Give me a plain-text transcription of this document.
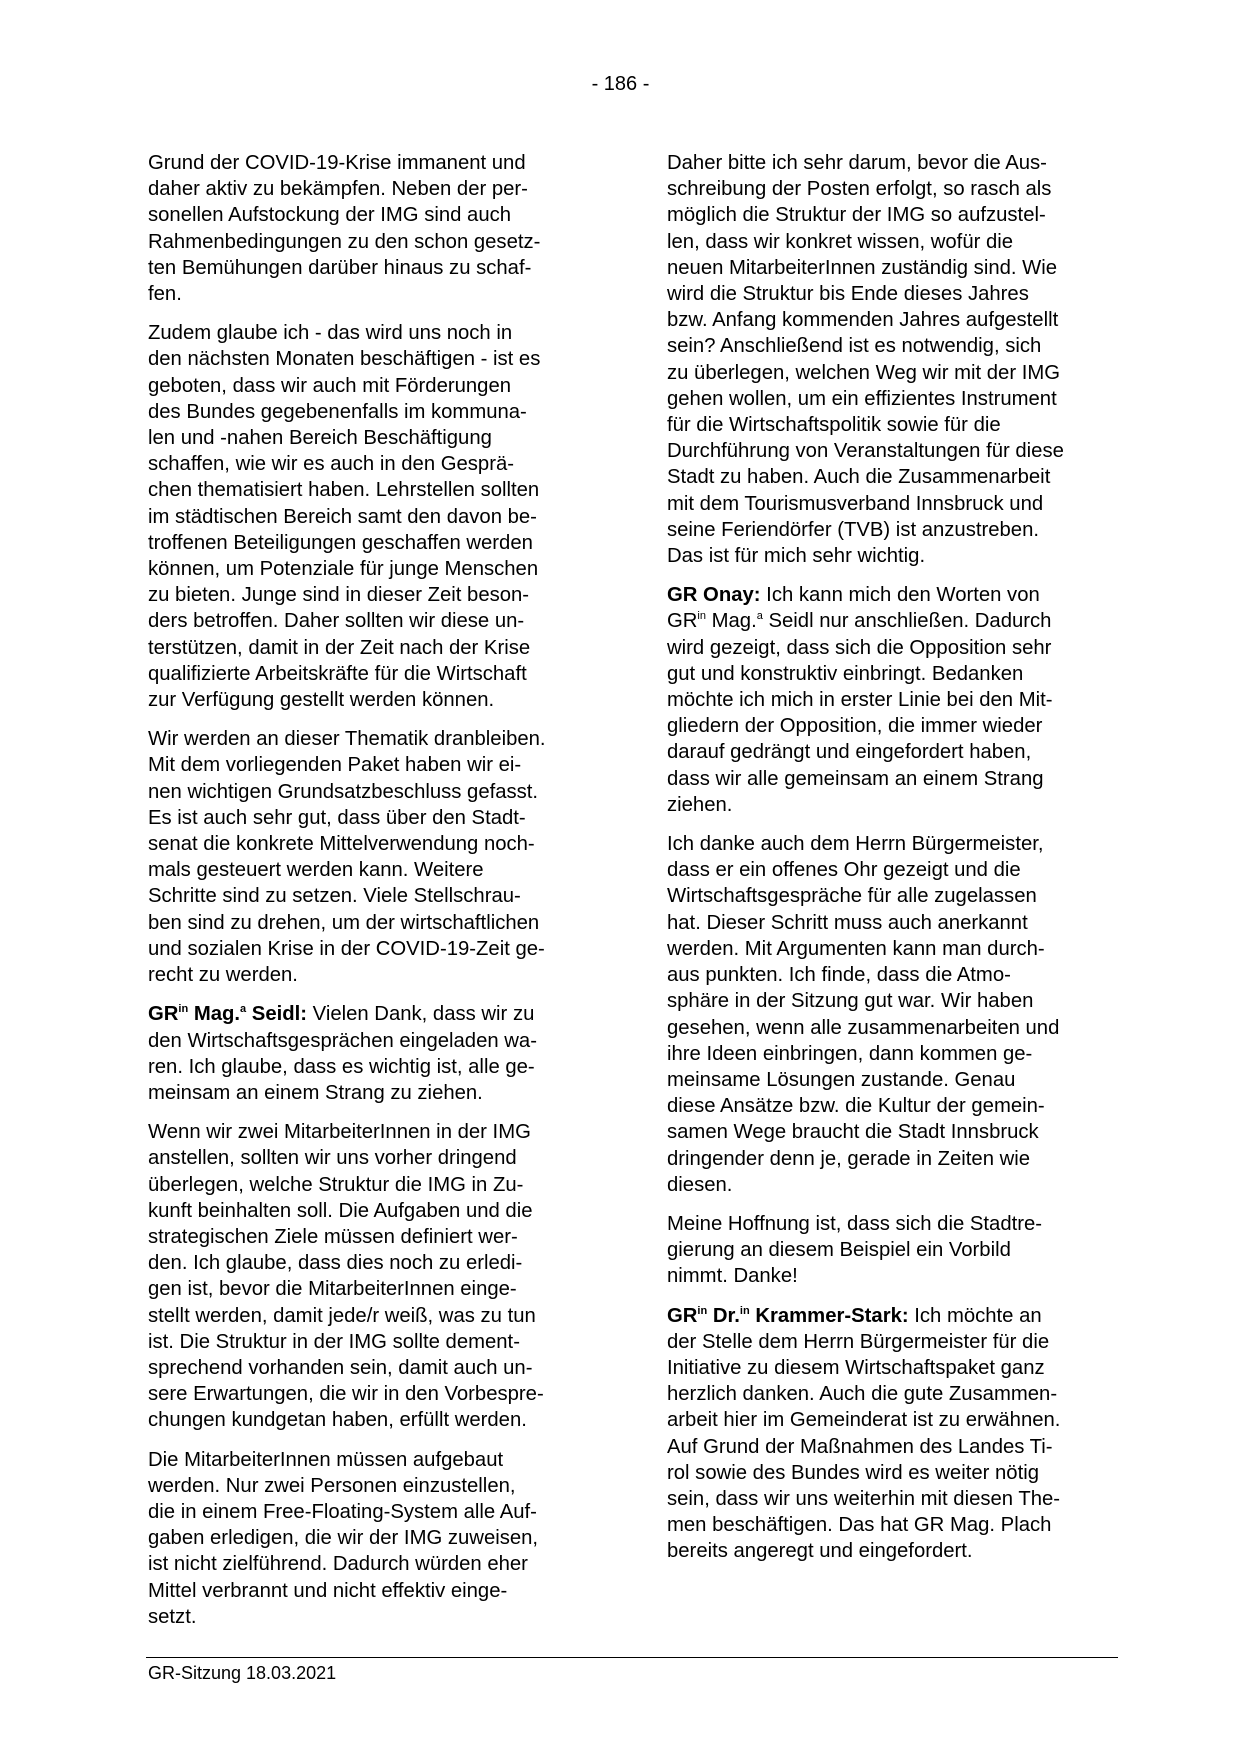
- 186 -
Grund der COVID-19-Krise immanent und
daher aktiv zu bekämpfen. Neben der per-
sonellen Aufstockung der IMG sind auch
Rahmenbedingungen zu den schon gesetz-
ten Bemühungen darüber hinaus zu schaf-
fen.
Zudem glaube ich - das wird uns noch in
den nächsten Monaten beschäftigen - ist es
geboten, dass wir auch mit Förderungen
des Bundes gegebenenfalls im kommuna-
len und -nahen Bereich Beschäftigung
schaffen, wie wir es auch in den Gesprä-
chen thematisiert haben. Lehrstellen sollten
im städtischen Bereich samt den davon be-
troffenen Beteiligungen geschaffen werden
können, um Potenziale für junge Menschen
zu bieten. Junge sind in dieser Zeit beson-
ders betroffen. Daher sollten wir diese un-
terstützen, damit in der Zeit nach der Krise
qualifizierte Arbeitskräfte für die Wirtschaft
zur Verfügung gestellt werden können.
Wir werden an dieser Thematik dranbleiben.
Mit dem vorliegenden Paket haben wir ei-
nen wichtigen Grundsatzbeschluss gefasst.
Es ist auch sehr gut, dass über den Stadt-
senat die konkrete Mittelverwendung noch-
mals gesteuert werden kann. Weitere
Schritte sind zu setzen. Viele Stellschrau-
ben sind zu drehen, um der wirtschaftlichen
und sozialen Krise in der COVID-19-Zeit ge-
recht zu werden.
$GR^{in}$ Mag.$^a$ Seidl: Vielen Dank, dass wir zu
den Wirtschaftsgesprächen eingeladen wa-
ren. Ich glaube, dass es wichtig ist, alle ge-
meinsam an einem Strang zu ziehen.
Wenn wir zwei MitarbeiterInnen in der IMG
anstellen, sollten wir uns vorher dringend
überlegen, welche Struktur die IMG in Zu-
kunft beinhalten soll. Die Aufgaben und die
strategischen Ziele müssen definiert wer-
den. Ich glaube, dass dies noch zu erledi-
gen ist, bevor die MitarbeiterInnen einge-
stellt werden, damit jede/r weiß, was zu tun
ist. Die Struktur in der IMG sollte dement-
sprechend vorhanden sein, damit auch un-
sere Erwartungen, die wir in den Vorbespre-
chungen kundgetan haben, erfüllt werden.
Die MitarbeiterInnen müssen aufgebaut
werden. Nur zwei Personen einzustellen,
die in einem Free-Floating-System alle Auf-
gaben erledigen, die wir der IMG zuweisen,
ist nicht zielführend. Dadurch würden eher
Mittel verbrannt und nicht effektiv einge-
setzt.
Daher bitte ich sehr darum, bevor die Aus-
schreibung der Posten erfolgt, so rasch als
möglich die Struktur der IMG so aufzustel-
len, dass wir konkret wissen, wofür die
neuen MitarbeiterInnen zuständig sind. Wie
wird die Struktur bis Ende dieses Jahres
bzw. Anfang kommenden Jahres aufgestellt
sein? Anschließend ist es notwendig, sich
zu überlegen, welchen Weg wir mit der IMG
gehen wollen, um ein effizientes Instrument
für die Wirtschaftspolitik sowie für die
Durchführung von Veranstaltungen für diese
Stadt zu haben. Auch die Zusammenarbeit
mit dem Tourismusverband Innsbruck und
seine Feriendörfer (TVB) ist anzustreben.
Das ist für mich sehr wichtig.
GR Onay: Ich kann mich den Worten von
$GR^{in}$ Mag.$^a$ Seidl nur anschließen. Dadurch
wird gezeigt, dass sich die Opposition sehr
gut und konstruktiv einbringt. Bedanken
möchte ich mich in erster Linie bei den Mit-
gliedern der Opposition, die immer wieder
darauf gedrängt und eingefordert haben,
dass wir alle gemeinsam an einem Strang
ziehen.
Ich danke auch dem Herrn Bürgermeister,
dass er ein offenes Ohr gezeigt und die
Wirtschaftsgespräche für alle zugelassen
hat. Dieser Schritt muss auch anerkannt
werden. Mit Argumenten kann man durch-
aus punkten. Ich finde, dass die Atmo-
sphäre in der Sitzung gut war. Wir haben
gesehen, wenn alle zusammenarbeiten und
ihre Ideen einbringen, dann kommen ge-
meinsame Lösungen zustande. Genau
diese Ansätze bzw. die Kultur der gemein-
samen Wege braucht die Stadt Innsbruck
dringender denn je, gerade in Zeiten wie
diesen.
Meine Hoffnung ist, dass sich die Stadtre-
gierung an diesem Beispiel ein Vorbild
nimmt. Danke!
$GR^{in}$ Dr.$^{in}$ Krammer-Stark: Ich möchte an
der Stelle dem Herrn Bürgermeister für die
Initiative zu diesem Wirtschaftspaket ganz
herzlich danken. Auch die gute Zusammen-
arbeit hier im Gemeinderat ist zu erwähnen.
Auf Grund der Maßnahmen des Landes Ti-
rol sowie des Bundes wird es weiter nötig
sein, dass wir uns weiterhin mit diesen The-
men beschäftigen. Das hat GR Mag. Plach
bereits angeregt und eingefordert.
GR-Sitzung 18.03.2021
